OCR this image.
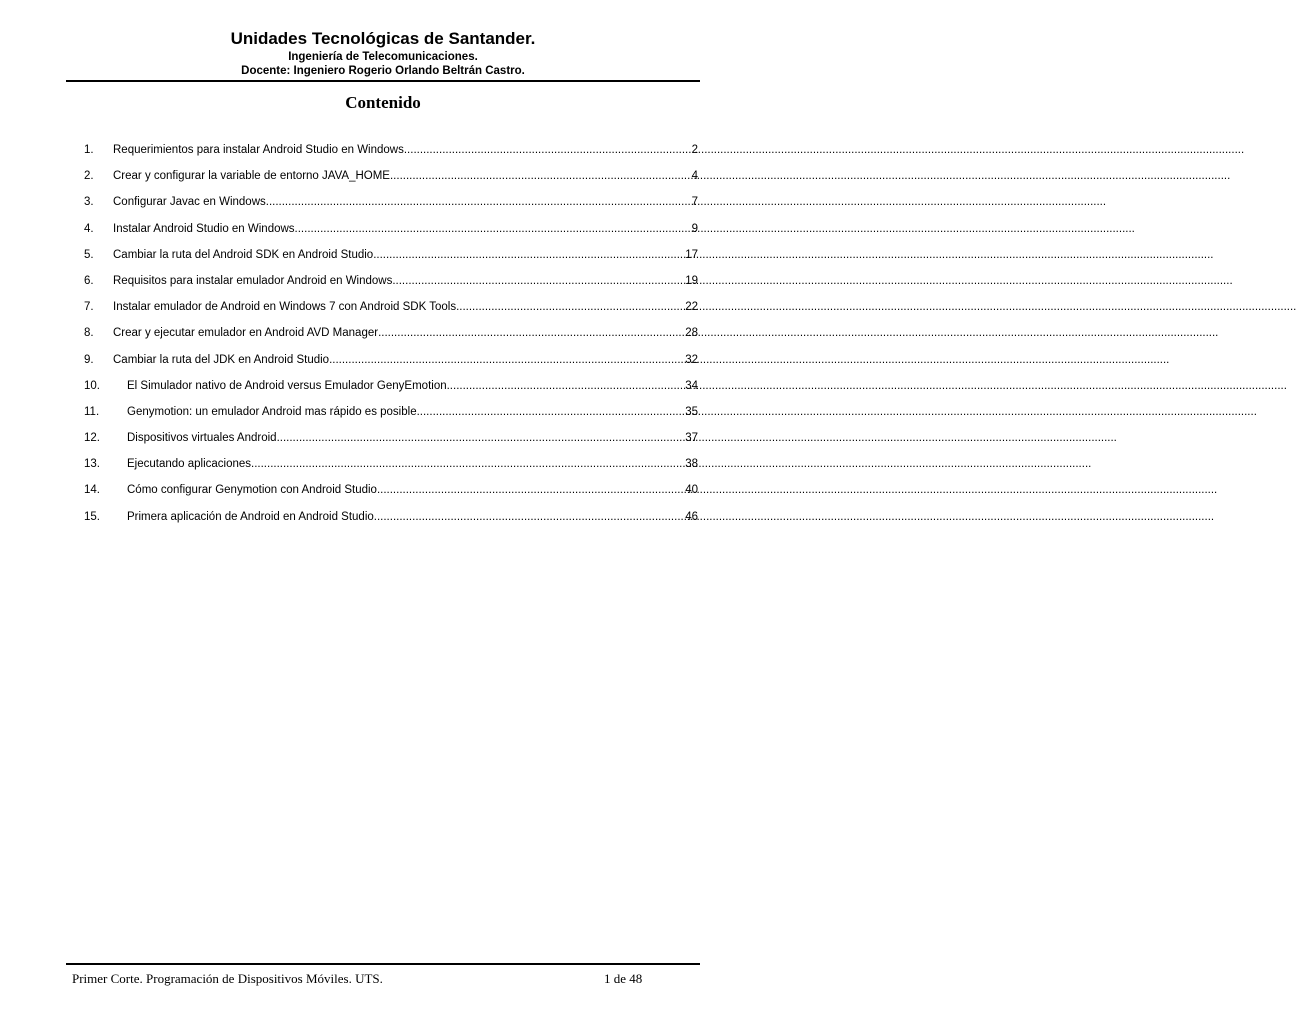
Unidades Tecnológicas de Santander.
Ingeniería de Telecomunicaciones.
Docente: Ingeniero Rogerio Orlando Beltrán Castro.
Contenido
1.	Requerimientos para instalar Android Studio en Windows .....	2
2.	Crear y configurar la variable de entorno JAVA_HOME .....	4
3.	Configurar Javac en Windows .....	7
4.	Instalar Android Studio en Windows .....	9
5.	Cambiar la ruta del Android SDK en Android Studio .....	17
6.	Requisitos para instalar emulador Android en Windows .....	19
7.	Instalar emulador de Android en Windows 7 con Android SDK Tools .....	22
8.	Crear y ejecutar emulador en Android AVD Manager .....	28
9.	Cambiar la ruta del JDK en Android Studio .....	32
10.	El Simulador nativo de Android versus Emulador GenyEmotion .....	34
11.	Genymotion: un emulador Android mas rápido es posible .....	35
12.	Dispositivos virtuales Android .....	37
13.	Ejecutando aplicaciones .....	38
14.	Cómo configurar Genymotion con Android Studio .....	40
15.	Primera aplicación de Android en Android Studio .....	46
Primer Corte. Programación de Dispositivos Móviles. UTS.	1 de 48
